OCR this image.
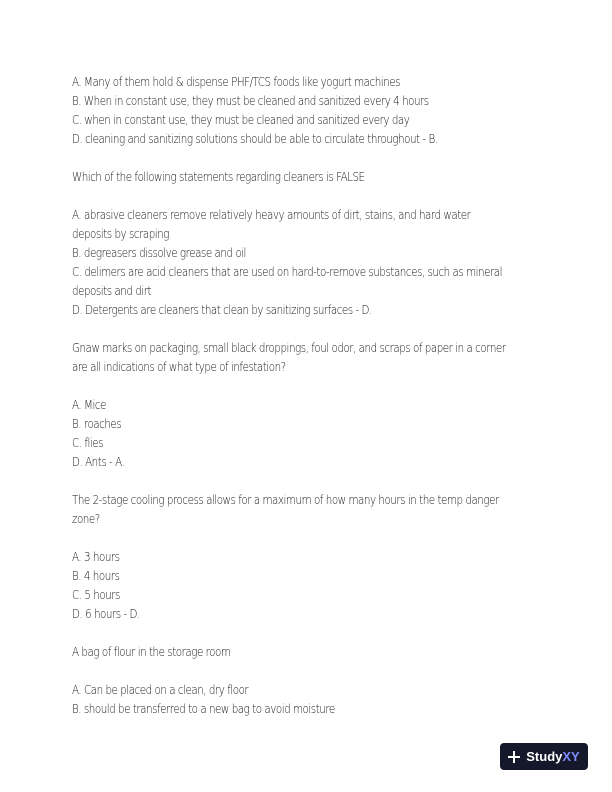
A. Many of them hold & dispense PHF/TCS foods like yogurt machines
B. When in constant use, they must be cleaned and sanitized every 4 hours
C. when in constant use, they must be cleaned and sanitized every day
D. cleaning and sanitizing solutions should be able to circulate throughout - B.
Which of the following statements regarding cleaners is FALSE
A. abrasive cleaners remove relatively heavy amounts of dirt, stains, and hard water
deposits by scraping
B. degreasers dissolve grease and oil
C. delimers are acid cleaners that are used on hard-to-remove substances, such as mineral
deposits and dirt
D. Detergents are cleaners that clean by sanitizing surfaces - D.
Gnaw marks on packaging, small black droppings, foul odor, and scraps of paper in a corner
are all indications of what type of infestation?
A. Mice
B. roaches
C. flies
D. Ants - A.
The 2-stage cooling process allows for a maximum of how many hours in the temp danger
zone?
A. 3 hours
B. 4 hours
C. 5 hours
D. 6 hours - D.
A bag of flour in the storage room
A. Can be placed on a clean, dry floor
B. should be transferred to a new bag to avoid moisture
StudyXY
